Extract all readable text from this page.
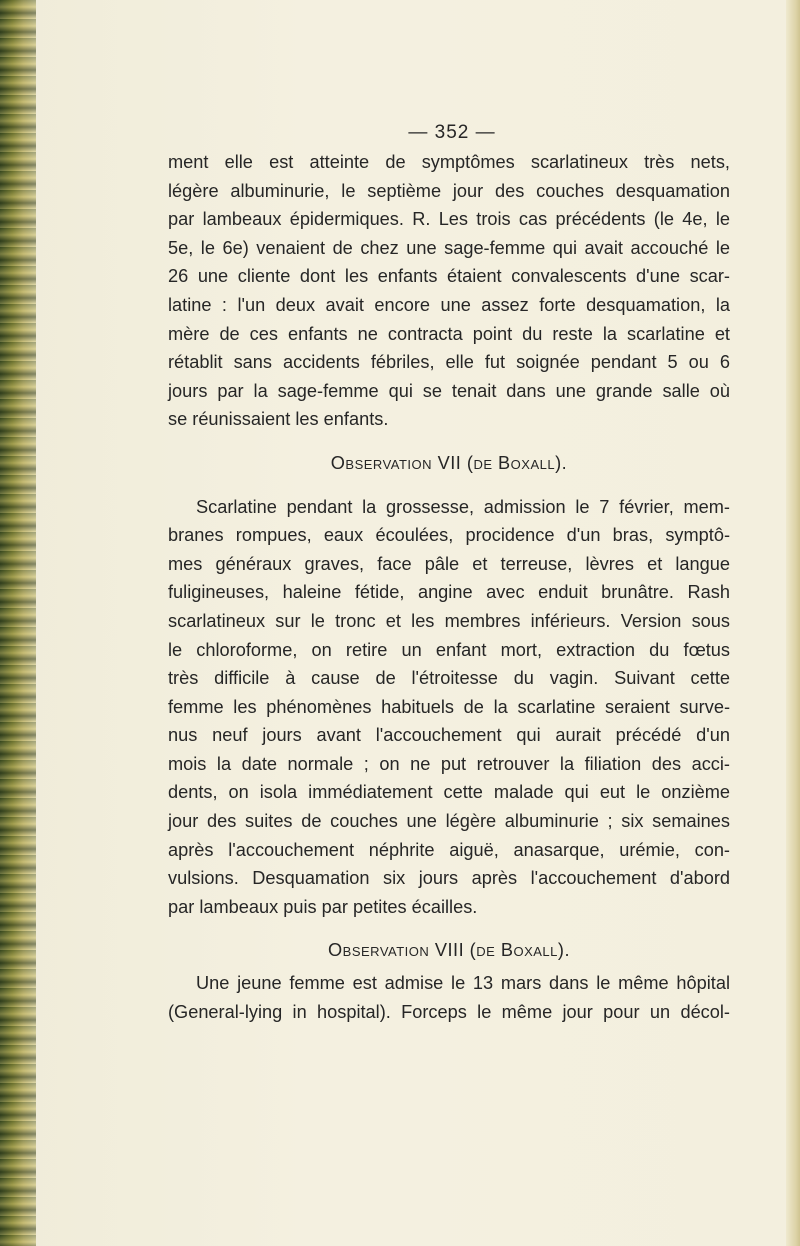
— 352 —
ment elle est atteinte de symptômes scarlatineux très nets,
légère albuminurie, le septième jour des couches desquamation
par lambeaux épidermiques. R. Les trois cas précédents (le 4e, le
5e, le 6e) venaient de chez une sage-femme qui avait accouché le
26 une cliente dont les enfants étaient convalescents d'une scar-
latine : l'un deux avait encore une assez forte desquamation, la
mère de ces enfants ne contracta point du reste la scarlatine et
rétablit sans accidents fébriles, elle fut soignée pendant 5 ou 6
jours par la sage-femme qui se tenait dans une grande salle où
se réunissaient les enfants.
Observation VII (de Boxall).
Scarlatine pendant la grossesse, admission le 7 février, mem-
branes rompues, eaux écoulées, procidence d'un bras, symptô-
mes généraux graves, face pâle et terreuse, lèvres et langue
fuligineuses, haleine fétide, angine avec enduit brunâtre. Rash
scarlatineux sur le tronc et les membres inférieurs. Version sous
le chloroforme, on retire un enfant mort, extraction du fœtus
très difficile à cause de l'étroitesse du vagin. Suivant cette
femme les phénomènes habituels de la scarlatine seraient surve-
nus neuf jours avant l'accouchement qui aurait précédé d'un
mois la date normale ; on ne put retrouver la filiation des acci-
dents, on isola immédiatement cette malade qui eut le onzième
jour des suites de couches une légère albuminurie ; six semaines
après l'accouchement néphrite aiguë, anasarque, urémie, con-
vulsions. Desquamation six jours après l'accouchement d'abord
par lambeaux puis par petites écailles.
Observation VIII (de Boxall).
Une jeune femme est admise le 13 mars dans le même hôpital
(General-lying in hospital). Forceps le même jour pour un décol-
